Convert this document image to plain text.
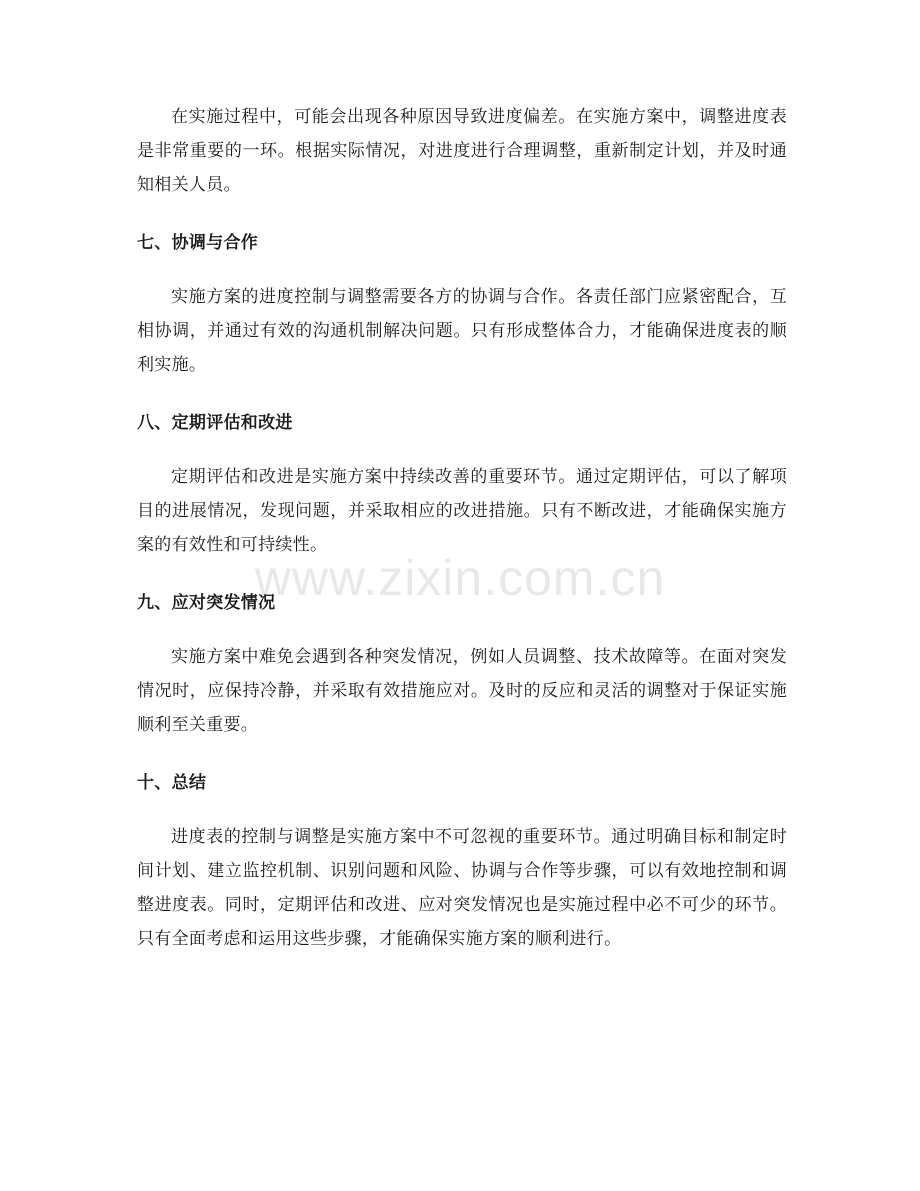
在实施过程中，可能会出现各种原因导致进度偏差。在实施方案中，调整进度表是非常重要的一环。根据实际情况，对进度进行合理调整，重新制定计划，并及时通知相关人员。

七、协调与合作

实施方案的进度控制与调整需要各方的协调与合作。各责任部门应紧密配合，互相协调，并通过有效的沟通机制解决问题。只有形成整体合力，才能确保进度表的顺利实施。

八、定期评估和改进

定期评估和改进是实施方案中持续改善的重要环节。通过定期评估，可以了解项目的进展情况，发现问题，并采取相应的改进措施。只有不断改进，才能确保实施方案的有效性和可持续性。

九、应对突发情况

实施方案中难免会遇到各种突发情况，例如人员调整、技术故障等。在面对突发情况时，应保持冷静，并采取有效措施应对。及时的反应和灵活的调整对于保证实施顺利至关重要。

十、总结

进度表的控制与调整是实施方案中不可忽视的重要环节。通过明确目标和制定时间计划、建立监控机制、识别问题和风险、协调与合作等步骤，可以有效地控制和调整进度表。同时，定期评估和改进、应对突发情况也是实施过程中必不可少的环节。只有全面考虑和运用这些步骤，才能确保实施方案的顺利进行。

www.zixin.com.cn
